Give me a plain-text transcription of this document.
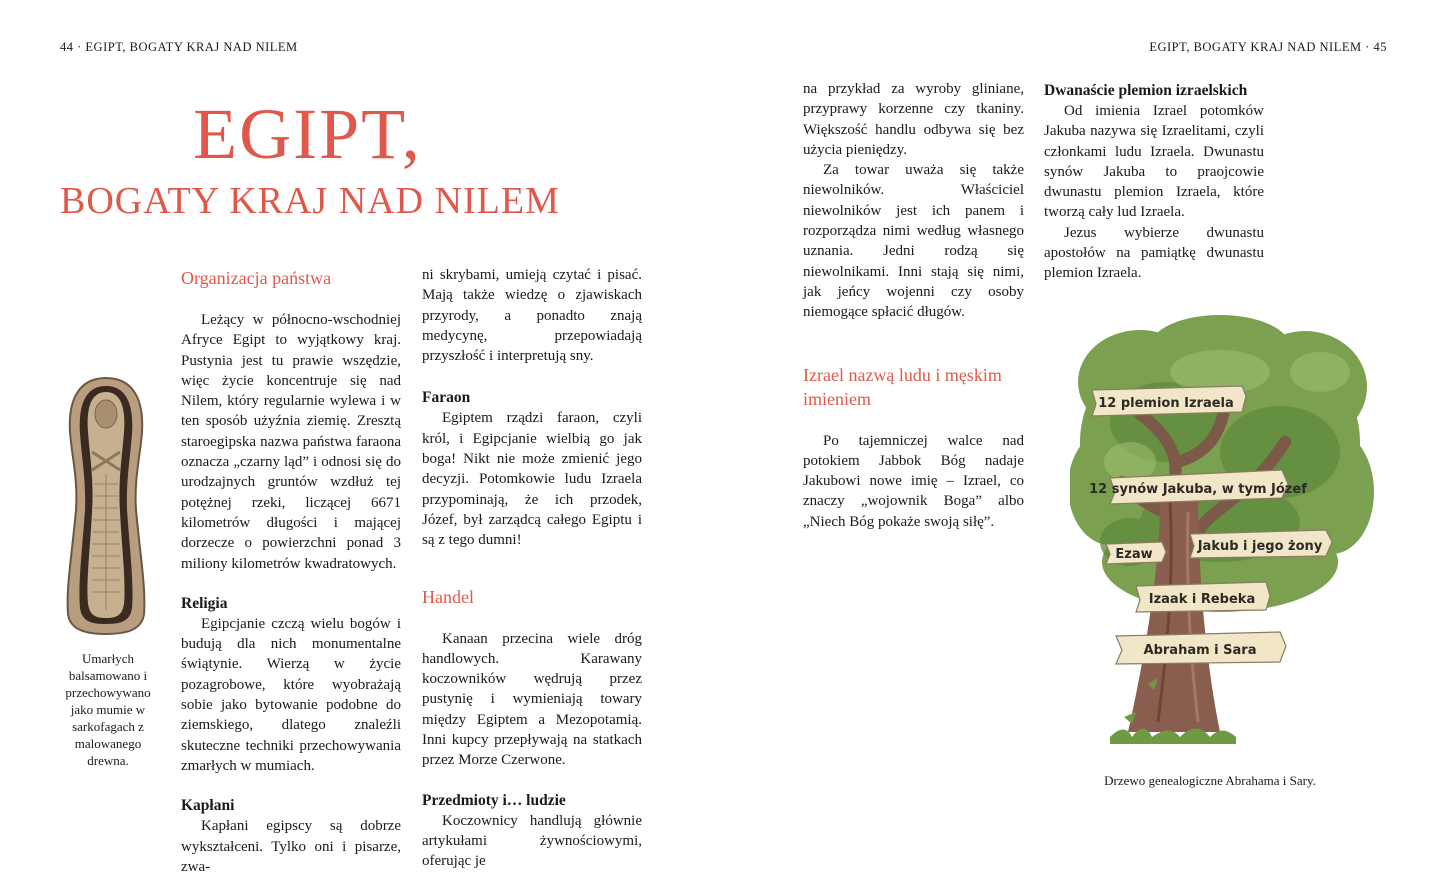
44 · EGIPT, BOGATY KRAJ NAD NILEM	EGIPT, BOGATY KRAJ NAD NILEM · 45
EGIPT,
BOGATY KRAJ NAD NILEM
Umarłych balsamowano i przechowywano jako mumie w sarkofagach z malowanego drewna.
Organizacja państwa

Leżący w północno-wschodniej Afryce Egipt to wyjątkowy kraj. Pustynia jest tu prawie wszędzie, więc życie koncentruje się nad Nilem, który regularnie wylewa i w ten sposób użyźnia ziemię. Zresztą staroegipska nazwa państwa faraona oznacza „czarny ląd” i odnosi się do urodzajnych gruntów wzdłuż tej potężnej rzeki, liczącej 6671 kilometrów długości i mającej dorzecze o powierzchni ponad 3 miliony kilometrów kwadratowych.

Religia

Egipcjanie czczą wielu bogów i budują dla nich monumentalne świątynie. Wierzą w życie pozagrobowe, które wyobrażają sobie jako bytowanie podobne do ziemskiego, dlatego znaleźli skuteczne techniki przechowywania zmarłych w mumiach.

Kapłani

Kapłani egipscy są dobrze wykształceni. Tylko oni i pisarze, zwa-

ni skrybami, umieją czytać i pisać. Mają także wiedzę o zjawiskach przyrody, a ponadto znają medycynę, przepowiadają przyszłość i interpretują sny.

Faraon

Egiptem rządzi faraon, czyli król, i Egipcjanie wielbią go jak boga! Nikt nie może zmienić jego decyzji. Potomkowie ludu Izraela przypominają, że ich przodek, Józef, był zarządcą całego Egiptu i są z tego dumni!

Handel

Kanaan przecina wiele dróg handlowych. Karawany koczowników wędrują przez pustynię i wymieniają towary między Egiptem a Mezopotamią. Inni kupcy przepływają na statkach przez Morze Czerwone.

Przedmioty i… ludzie

Koczownicy handlują głównie artykułami żywnościowymi, oferując je

na przykład za wyroby gliniane, przyprawy korzenne czy tkaniny. Większość handlu odbywa się bez użycia pieniędzy.

Za towar uważa się także niewolników. Właściciel niewolników jest ich panem i rozporządza nimi według własnego uznania. Jedni rodzą się niewolnikami. Inni stają się nimi, jak jeńcy wojenni czy osoby niemogące spłacić długów.

Izrael nazwą ludu i męskim imieniem

Po tajemniczej walce nad potokiem Jabbok Bóg nadaje Jakubowi nowe imię – Izrael, co znaczy „wojownik Boga” albo „Niech Bóg pokaże swoją siłę”.

Dwanaście plemion izraelskich

Od imienia Izrael potomków Jakuba nazywa się Izraelitami, czyli członkami ludu Izraela. Dwunastu synów Jakuba to praojcowie dwunastu plemion Izraela, które tworzą cały lud Izraela.

Jezus wybierze dwunastu apostołów na pamiątkę dwunastu plemion Izraela.

12 plemion Izraela
12 synów Jakuba, w tym Józef
Ezaw
Jakub i jego żony
Izaak i Rebeka
Abraham i Sara
Drzewo genealogiczne Abrahama i Sary.
